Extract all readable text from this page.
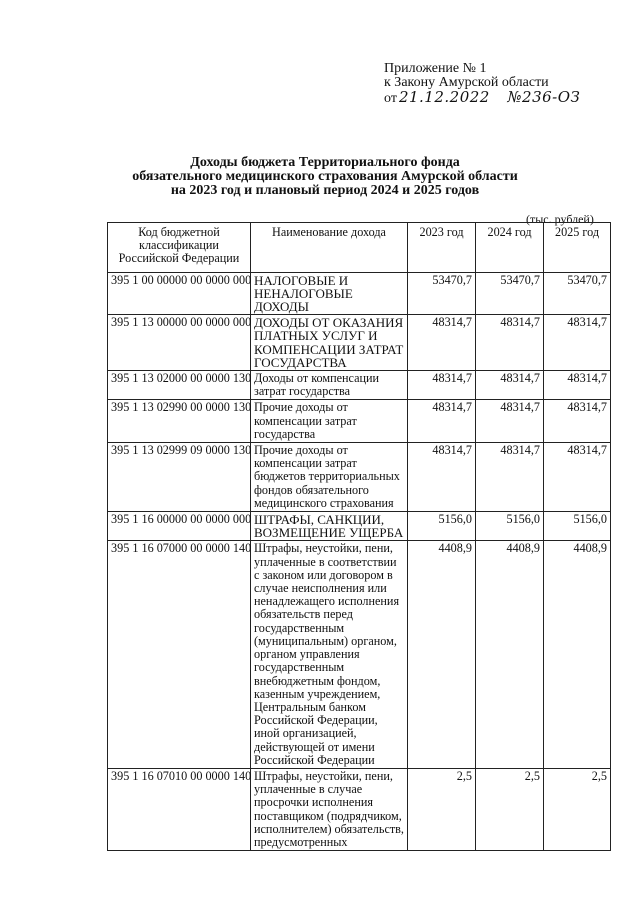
Приложение № 1
к Закону Амурской области
от 21.12.2022 №236-ОЗ
Доходы бюджета Территориального фонда
обязательного медицинского страхования Амурской области
на 2023 год и плановый период 2024 и 2025 годов
(тыс. рублей)
Код бюджетной классификации Российской Федерации	Наименование дохода	2023 год	2024 год	2025 год
395 1 00 00000 00 0000 000	НАЛОГОВЫЕ И НЕНАЛОГОВЫЕ ДОХОДЫ	53470,7	53470,7	53470,7
395 1 13 00000 00 0000 000	ДОХОДЫ ОТ ОКАЗАНИЯ ПЛАТНЫХ УСЛУГ И КОМПЕНСАЦИИ ЗАТРАТ ГОСУДАРСТВА	48314,7	48314,7	48314,7
395 1 13 02000 00 0000 130	Доходы от компенсации затрат государства	48314,7	48314,7	48314,7
395 1 13 02990 00 0000 130	Прочие доходы от компенсации затрат государства	48314,7	48314,7	48314,7
395 1 13 02999 09 0000 130	Прочие доходы от компенсации затрат бюджетов территориальных фондов обязательного медицинского страхования	48314,7	48314,7	48314,7
395 1 16 00000 00 0000 000	ШТРАФЫ, САНКЦИИ, ВОЗМЕЩЕНИЕ УЩЕРБА	5156,0	5156,0	5156,0
395 1 16 07000 00 0000 140	Штрафы, неустойки, пени, уплаченные в соответствии с законом или договором в случае неисполнения или ненадлежащего исполнения обязательств перед государственным (муниципальным) органом, органом управления государственным внебюджетным фондом, казенным учреждением, Центральным банком Российской Федерации, иной организацией, действующей от имени Российской Федерации	4408,9	4408,9	4408,9
395 1 16 07010 00 0000 140	Штрафы, неустойки, пени, уплаченные в случае просрочки исполнения поставщиком (подрядчиком, исполнителем) обязательств, предусмотренных	2,5	2,5	2,5
